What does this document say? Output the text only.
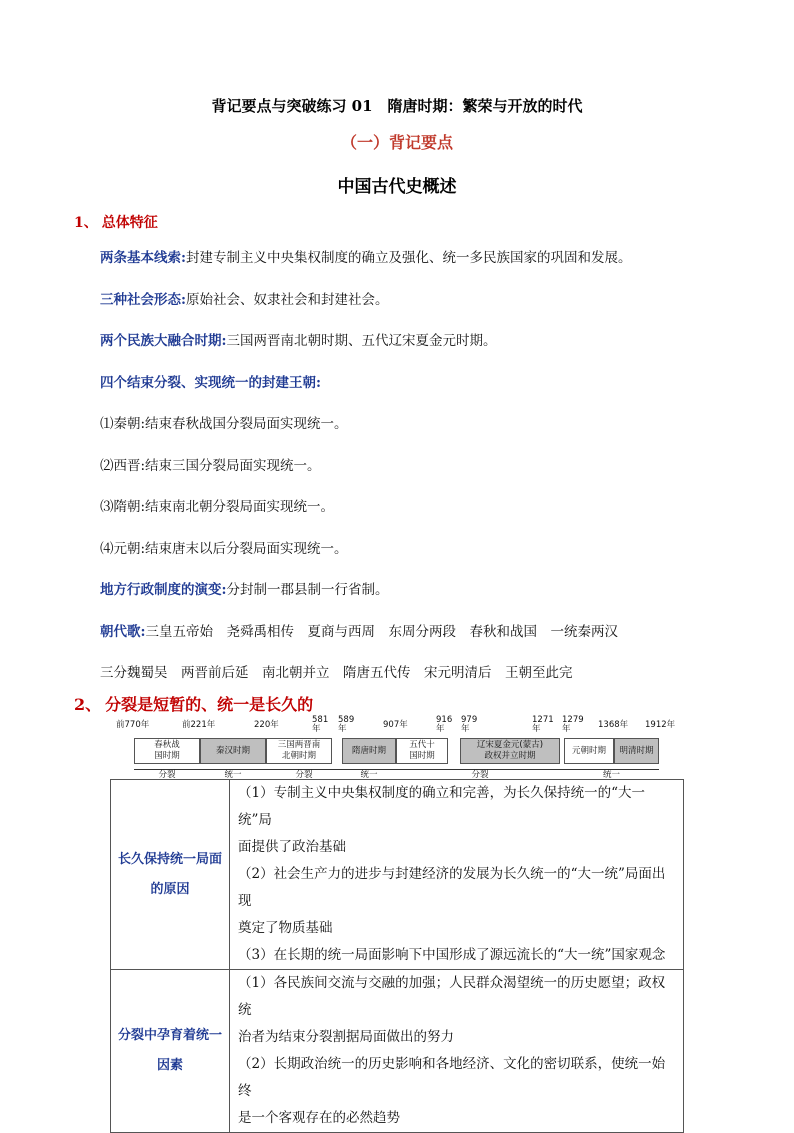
背记要点与突破练习 01　隋唐时期：繁荣与开放的时代
（一）背记要点
中国古代史概述
1、 总体特征
两条基本线索:封建专制主义中央集权制度的确立及强化、统一多民族国家的巩固和发展。
三种社会形态:原始社会、奴隶社会和封建社会。
两个民族大融合时期:三国两晋南北朝时期、五代辽宋夏金元时期。
四个结束分裂、实现统一的封建王朝:
⑴秦朝:结束春秋战国分裂局面实现统一。
⑵西晋:结束三国分裂局面实现统一。
⑶隋朝:结束南北朝分裂局面实现统一。
⑷元朝:结束唐末以后分裂局面实现统一。
地方行政制度的演变:分封制一郡县制一行省制。
朝代歌:三皇五帝始　尧舜禹相传　夏商与西周　东周分两段　春秋和战国　一统秦两汉
三分魏蜀吴　两晋前后延　南北朝并立　隋唐五代传　宋元明清后　王朝至此完
2、 分裂是短暂的、统一是长久的
前770年	前221年	220年	581
年
589
年	907年	916
年
979
年
1271
年
1279
年	1368年 1912年
春秋战
国时期
秦汉时期
三国两晋南
北朝时期
隋唐时期
五代十
国时期
辽宋夏金元(蒙古)
政权并立时期
元朝时期	明清时期
分裂	统一	分裂	统一	分裂	统一
长久保持统一局面的原因	（1）专制主义中央集权制度的确立和完善，为长久保持统一的“大一统”局
面提供了政治基础
（2）社会生产力的进步与封建经济的发展为长久统一的“大一统”局面出现
奠定了物质基础
（3）在长期的统一局面影响下中国形成了源远流长的“大一统”国家观念

分裂中孕育着统一因素	（1）各民族间交流与交融的加强；人民群众渴望统一的历史愿望；政权统
治者为结束分裂割据局面做出的努力
（2）长期政治统一的历史影响和各地经济、文化的密切联系，使统一始终
是一个客观存在的必然趋势
